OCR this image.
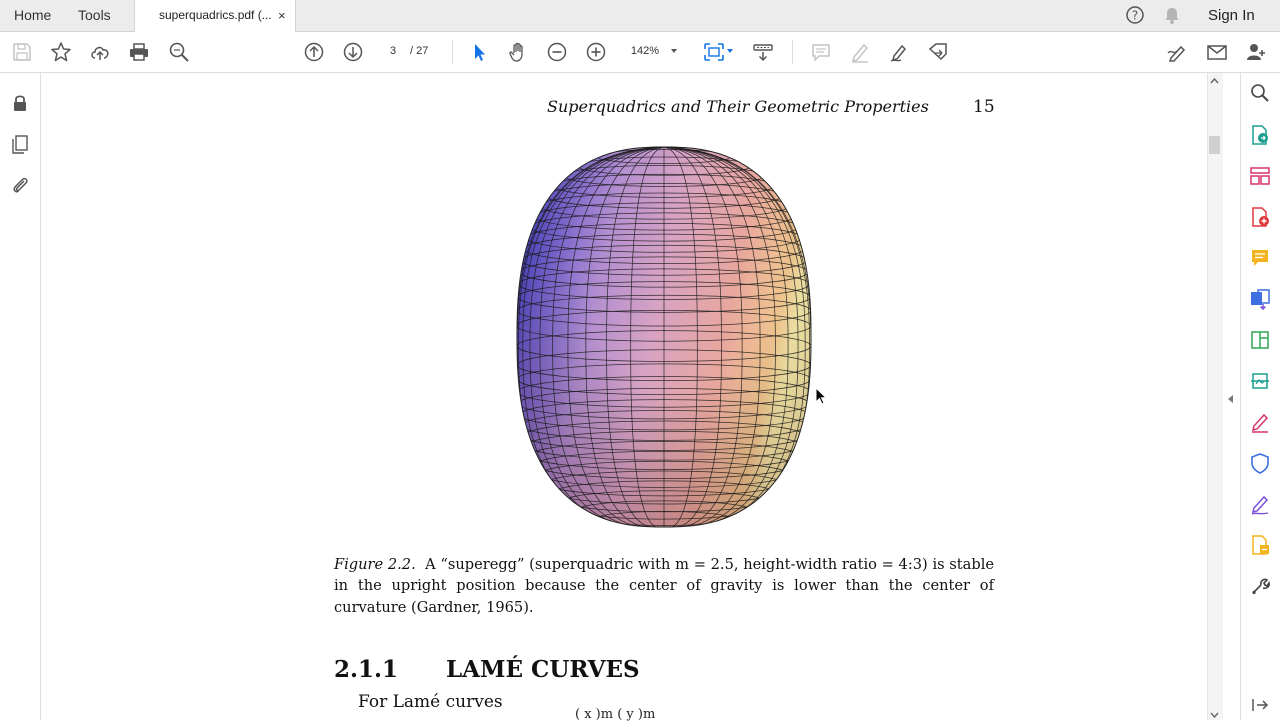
Home Tools	superquadrics.pdf (... ×	?	Sign In
3	/ 27	142%
Superquadrics and Their Geometric Properties	15
Figure 2.2. A “superegg” (superquadric with m = 2.5, height-width ratio = 4:3) is stable in the upright position because the center of gravity is lower than the center of curvature (Gardner, 1965).
2.1.1 LAMÉ CURVES
For Lamé curves
( x )m ( y )m
